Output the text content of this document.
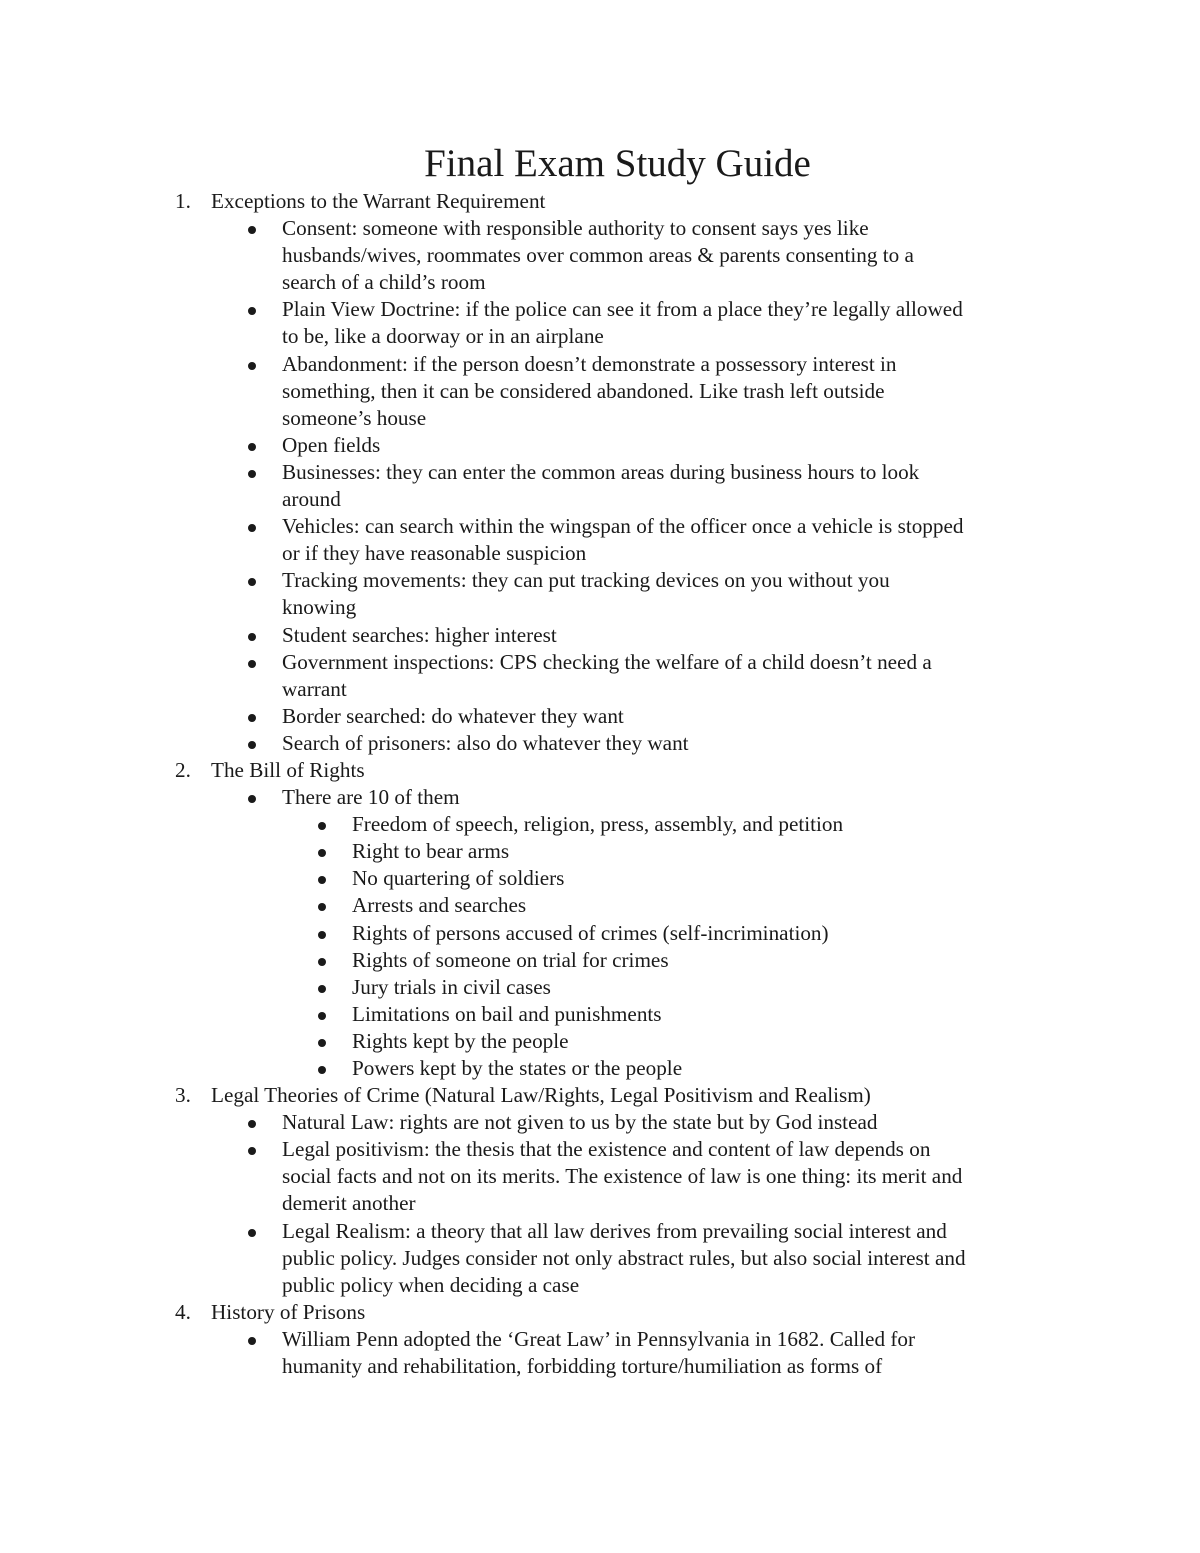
Final Exam Study Guide
1. Exceptions to the Warrant Requirement
Consent: someone with responsible authority to consent says yes like
husbands/wives, roommates over common areas & parents consenting to a
search of a child’s room
Plain View Doctrine: if the police can see it from a place they’re legally allowed
to be, like a doorway or in an airplane
Abandonment: if the person doesn’t demonstrate a possessory interest in
something, then it can be considered abandoned. Like trash left outside
someone’s house
Open fields
Businesses: they can enter the common areas during business hours to look
around
Vehicles: can search within the wingspan of the officer once a vehicle is stopped
or if they have reasonable suspicion
Tracking movements: they can put tracking devices on you without you
knowing
Student searches: higher interest
Government inspections: CPS checking the welfare of a child doesn’t need a
warrant
Border searched: do whatever they want
Search of prisoners: also do whatever they want
2. The Bill of Rights
There are 10 of them
Freedom of speech, religion, press, assembly, and petition
Right to bear arms
No quartering of soldiers
Arrests and searches
Rights of persons accused of crimes (self-incrimination)
Rights of someone on trial for crimes
Jury trials in civil cases
Limitations on bail and punishments
Rights kept by the people
Powers kept by the states or the people
3. Legal Theories of Crime (Natural Law/Rights, Legal Positivism and Realism)
Natural Law: rights are not given to us by the state but by God instead
Legal positivism: the thesis that the existence and content of law depends on
social facts and not on its merits. The existence of law is one thing: its merit and
demerit another
Legal Realism: a theory that all law derives from prevailing social interest and
public policy. Judges consider not only abstract rules, but also social interest and
public policy when deciding a case
4. History of Prisons
William Penn adopted the ‘Great Law’ in Pennsylvania in 1682. Called for
humanity and rehabilitation, forbidding torture/humiliation as forms of
